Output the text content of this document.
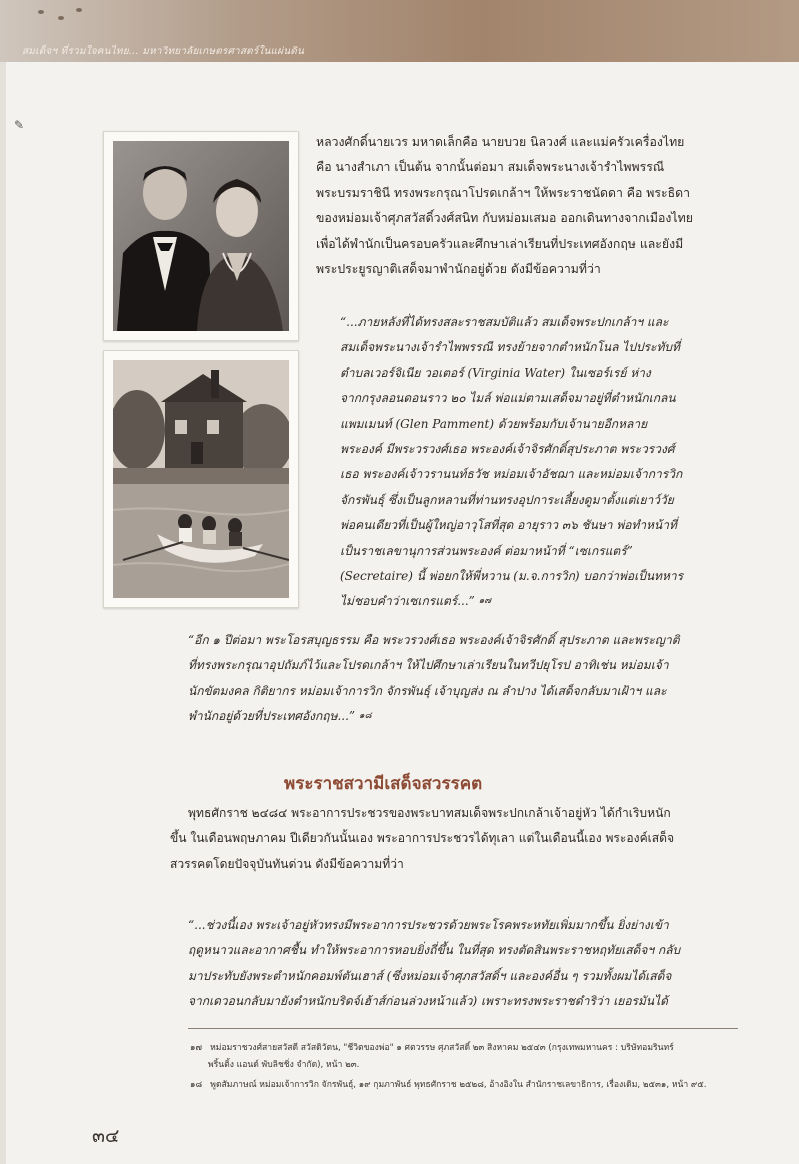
สมเด็จฯ ที่รวมใจคนไทย... มหาวิทยาลัยเกษตรศาสตร์ในแผ่นดิน
✎
หลวงศักดิ์นายเวร มหาดเล็กคือ นายบวย นิลวงศ์ และแม่ครัวเครื่องไทย
คือ นางสำเภา เป็นต้น จากนั้นต่อมา สมเด็จพระนางเจ้ารำไพพรรณี
พระบรมราชินี ทรงพระกรุณาโปรดเกล้าฯ ให้พระราชนัดดา คือ พระธิดา
ของหม่อมเจ้าศุภสวัสดิ์วงศ์สนิท กับหม่อมเสมอ ออกเดินทางจากเมืองไทย
เพื่อได้พำนักเป็นครอบครัวและศึกษาเล่าเรียนที่ประเทศอังกฤษ และยังมี
พระประยูรญาติเสด็จมาพำนักอยู่ด้วย ดังมีข้อความที่ว่า
“...ภายหลังที่ได้ทรงสละราชสมบัติแล้ว สมเด็จพระปกเกล้าฯ และ
สมเด็จพระนางเจ้ารำไพพรรณี ทรงย้ายจากตำหนักโนล ไปประทับที่
ตำบลเวอร์จิเนีย วอเตอร์ (Virginia Water) ในเซอร์เรย์ ห่าง
จากกรุงลอนดอนราว ๒๐ ไมล์ พ่อแม่ตามเสด็จมาอยู่ที่ตำหนักเกลน
แพมเมนท์ (Glen Pamment) ด้วยพร้อมกับเจ้านายอีกหลาย
พระองค์ มีพระวรวงศ์เธอ พระองค์เจ้าจิรศักดิ์สุประภาต พระวรวงศ์
เธอ พระองค์เจ้าวรานนท์ธวัช หม่อมเจ้าอัชฌา และหม่อมเจ้าการวิก
จักรพันธุ์ ซึ่งเป็นลูกหลานที่ท่านทรงอุปการะเลี้ยงดูมาตั้งแต่เยาว์วัย
พ่อคนเดียวที่เป็นผู้ใหญ่อาวุโสที่สุด อายุราว ๓๖ ชันษา พ่อทำหน้าที่
เป็นราชเลขานุการส่วนพระองค์ ต่อมาหน้าที่ “เซเกรแตร์”
(Secretaire) นี้ พ่อยกให้พี่หวาน (ม.จ.การวิก) บอกว่าพ่อเป็นทหาร
ไม่ชอบคำว่าเซเกรแตร์...” $^{๑๗}$
“อีก ๑ ปีต่อมา พระโอรสบุญธรรม คือ พระวรวงศ์เธอ พระองค์เจ้าจิรศักดิ์ สุประภาต และพระญาติ
ที่ทรงพระกรุณาอุปถัมภ์ไว้และโปรดเกล้าฯ ให้ไปศึกษาเล่าเรียนในทวีปยุโรป อาทิเช่น หม่อมเจ้า
นักขัตมงคล กิติยากร หม่อมเจ้าการวิก จักรพันธุ์ เจ้าบุญส่ง ณ ลำปาง ได้เสด็จกลับมาเฝ้าฯ และ
พำนักอยู่ด้วยที่ประเทศอังกฤษ...” $^{๑๘}$
พระราชสวามีเสด็จสวรรคต
พุทธศักราช ๒๔๘๔ พระอาการประชวรของพระบาทสมเด็จพระปกเกล้าเจ้าอยู่หัว ได้กำเริบหนัก
ขึ้น ในเดือนพฤษภาคม ปีเดียวกันนั้นเอง พระอาการประชวรได้ทุเลา แต่ในเดือนนี้เอง พระองค์เสด็จ
สวรรคตโดยปัจจุบันทันด่วน ดังมีข้อความที่ว่า
“...ช่วงนี้เอง พระเจ้าอยู่หัวทรงมีพระอาการประชวรด้วยพระโรคพระหทัยเพิ่มมากขึ้น ยิ่งย่างเข้า
ฤดูหนาวและอากาศชื้น ทำให้พระอาการหอบยิ่งถี่ขึ้น ในที่สุด ทรงตัดสินพระราชหฤทัยเสด็จฯ กลับ
มาประทับยังพระตำหนักคอมพ์ตันเฮาส์ (ซึ่งหม่อมเจ้าศุภสวัสดิ์ฯ และองค์อื่น ๆ รวมทั้งผมได้เสด็จ
จากเดวอนกลับมายังตำหนักบริดจ์เฮ้าส์ก่อนล่วงหน้าแล้ว) เพราะทรงพระราชดำริว่า เยอรมันได้
๑๗ หม่อมราชวงศ์สายสวัสดี สวัสดิวัตน, "ชีวิตของพ่อ" ๑ ศตวรรษ ศุภสวัสดิ์ ๒๓ สิงหาคม ๒๕๔๓ (กรุงเทพมหานคร : บริษัทอมรินทร์
พริ้นติ้ง แอนด์ พับลิชชิ่ง จำกัด), หน้า ๒๓.
๑๘ พูดสัมภาษณ์ หม่อมเจ้าการวิก จักรพันธุ์, ๑๙ กุมภาพันธ์ พุทธศักราช ๒๕๒๘, อ้างอิงใน สำนักราชเลขาธิการ, เรื่องเดิม, ๒๕๓๑, หน้า ๙๕.
๓๔
